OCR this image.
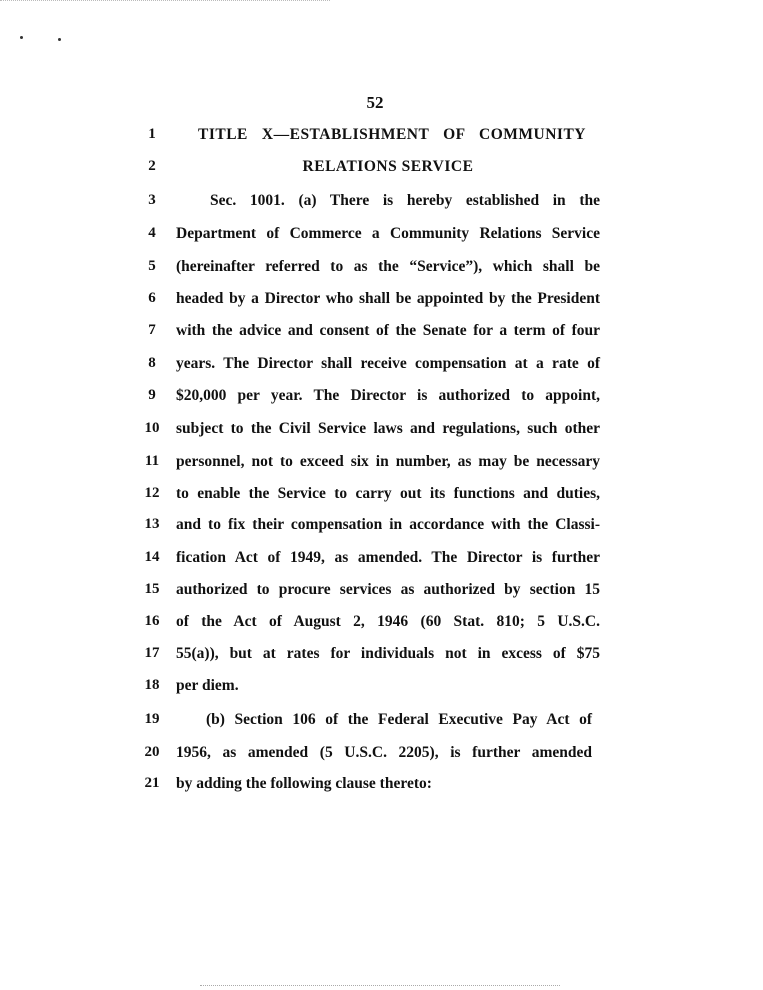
52
1	TITLE X—ESTABLISHMENT OF COMMUNITY
2	RELATIONS SERVICE
3	Sec. 1001. (a) There is hereby established in the
4	Department of Commerce a Community Relations Service
5	(hereinafter referred to as the “Service”), which shall be
6	headed by a Director who shall be appointed by the President
7	with the advice and consent of the Senate for a term of four
8	years. The Director shall receive compensation at a rate of
9	$20,000 per year. The Director is authorized to appoint,
10	subject to the Civil Service laws and regulations, such other
11	personnel, not to exceed six in number, as may be necessary
12	to enable the Service to carry out its functions and duties,
13	and to fix their compensation in accordance with the Classi-
14	fication Act of 1949, as amended. The Director is further
15	authorized to procure services as authorized by section 15
16	of the Act of August 2, 1946 (60 Stat. 810; 5 U.S.C.
17	55(a)), but at rates for individuals not in excess of $75
18	per diem.
19	(b) Section 106 of the Federal Executive Pay Act of
20	1956, as amended (5 U.S.C. 2205), is further amended
21	by adding the following clause thereto:
